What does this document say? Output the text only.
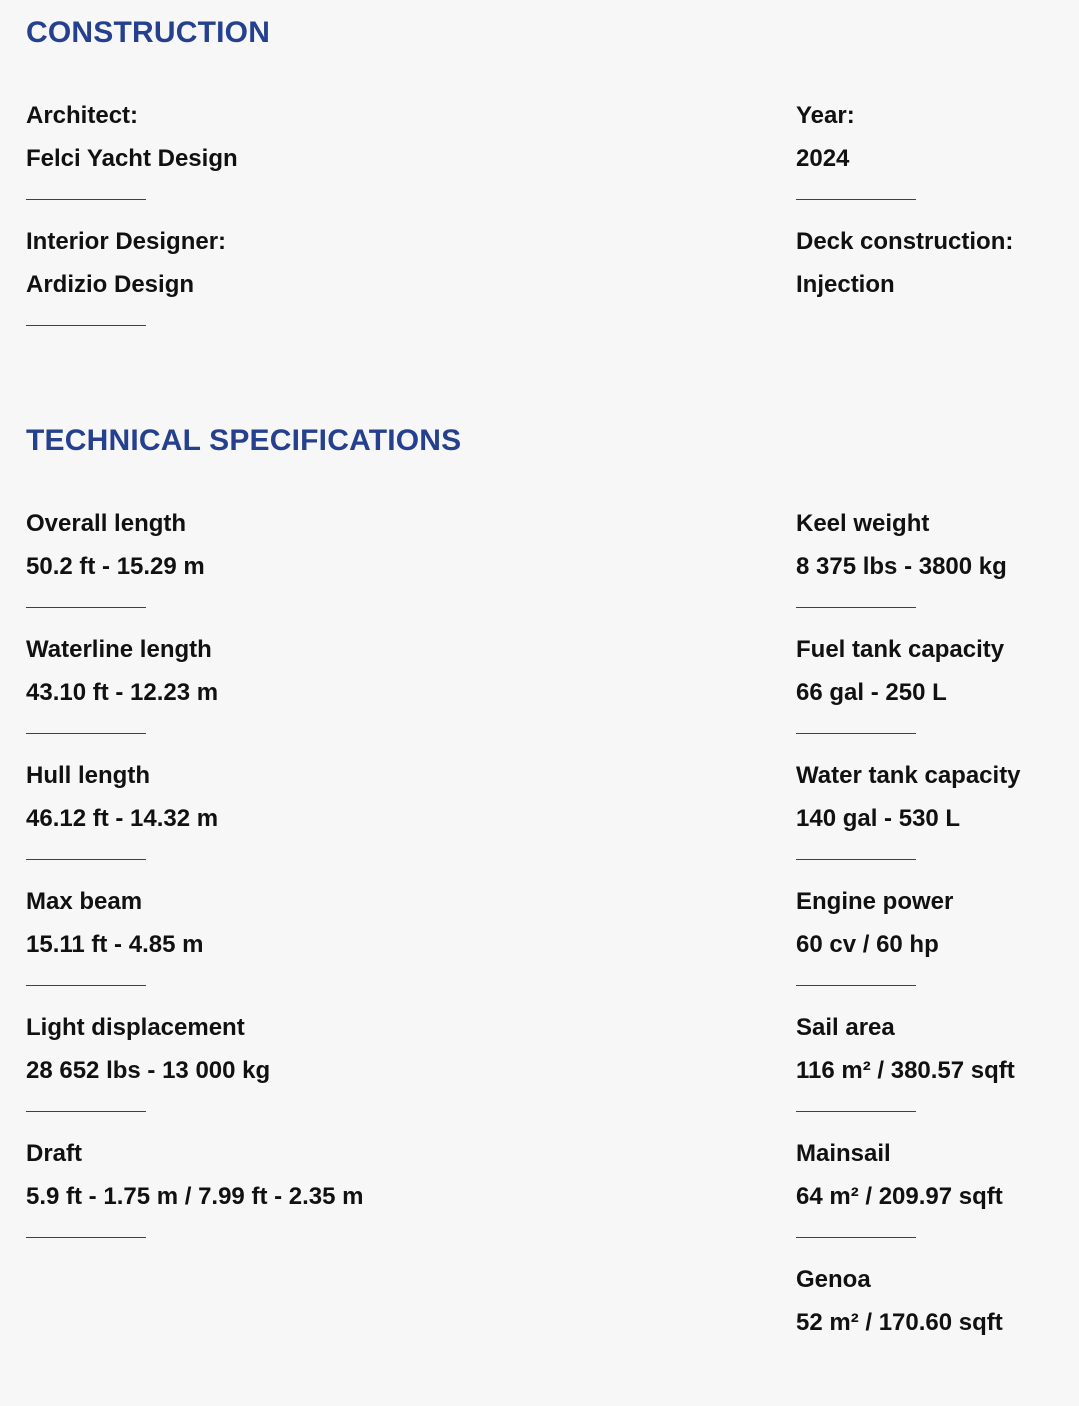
CONSTRUCTION
Architect:
Felci Yacht Design
Interior Designer:
Ardizio Design
Year:
2024
Deck construction:
Injection
TECHNICAL SPECIFICATIONS
Overall length
50.2 ft - 15.29 m
Waterline length
43.10 ft - 12.23 m
Hull length
46.12 ft - 14.32 m
Max beam
15.11 ft - 4.85 m
Light displacement
28 652 lbs - 13 000 kg
Draft
5.9 ft - 1.75 m / 7.99 ft - 2.35 m
Keel weight
8 375 lbs - 3800 kg
Fuel tank capacity
66 gal - 250 L
Water tank capacity
140 gal - 530 L
Engine power
60 cv / 60 hp
Sail area
116 m² / 380.57 sqft
Mainsail
64 m² / 209.97 sqft
Genoa
52 m² / 170.60 sqft
